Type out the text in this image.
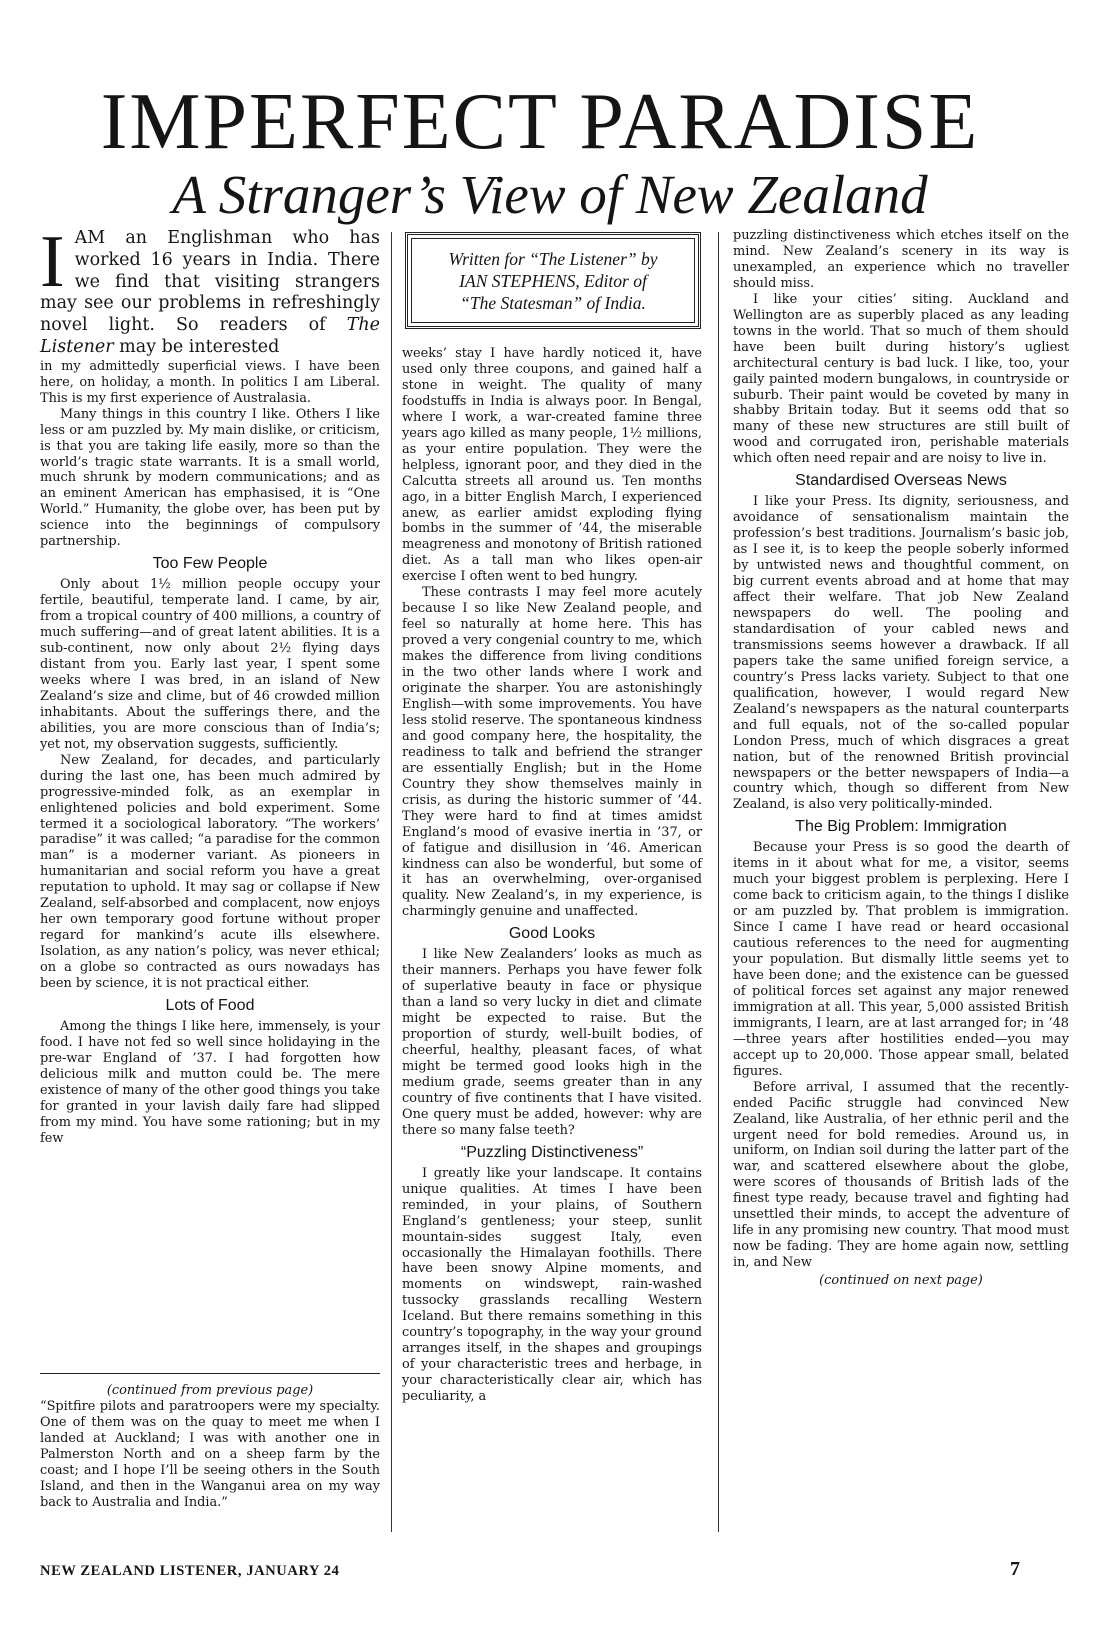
IMPERFECT PARADISE
A Stranger’s View of New Zealand

IAM an Englishman who has worked 16 years in India. There we find that visiting strangers may see our problems in refreshingly novel light. So readers of The Listener may be interested

in my admittedly superficial views. I have been here, on holiday, a month. In politics I am Liberal. This is my first experience of Australasia.

Many things in this country I like. Others I like less or am puzzled by. My main dislike, or criticism, is that you are taking life easily, more so than the world’s tragic state warrants. It is a small world, much shrunk by modern communications; and as an eminent American has emphasised, it is “One World.” Humanity, the globe over, has been put by science into the beginnings of compulsory partnership.

Too Few People

Only about 1½ million people occupy your fertile, beautiful, temperate land. I came, by air, from a tropical country of 400 millions, a country of much suffering—and of great latent abilities. It is a sub-continent, now only about 2½ flying days distant from you. Early last year, I spent some weeks where I was bred, in an island of New Zealand’s size and clime, but of 46 crowded million inhabitants. About the sufferings there, and the abilities, you are more conscious than of India’s; yet not, my observation suggests, sufficiently.

New Zealand, for decades, and particularly during the last one, has been much admired by progressive-minded folk, as an exemplar in enlightened policies and bold experiment. Some termed it a sociological laboratory. “The workers’ paradise” it was called; “a paradise for the common man” is a moderner variant. As pioneers in humanitarian and social reform you have a great reputation to uphold. It may sag or collapse if New Zealand, self-absorbed and complacent, now enjoys her own temporary good fortune without proper regard for mankind’s acute ills elsewhere. Isolation, as any nation’s policy, was never ethical; on a globe so contracted as ours nowadays has been by science, it is not practical either.

Lots of Food

Among the things I like here, immensely, is your food. I have not fed so well since holidaying in the pre-war England of ’37. I had forgotten how delicious milk and mutton could be. The mere existence of many of the other good things you take for granted in your lavish daily fare had slipped from my mind. You have some rationing; but in my few

(continued from previous page)

“Spitfire pilots and paratroopers were my specialty. One of them was on the quay to meet me when I landed at Auckland; I was with another one in Palmerston North and on a sheep farm by the coast; and I hope I’ll be seeing others in the South Island, and then in the Wanganui area on my way back to Australia and India.”

Written for “The Listener” by
IAN STEPHENS, Editor of
“The Statesman” of India.

weeks’ stay I have hardly noticed it, have used only three coupons, and gained half a stone in weight. The quality of many foodstuffs in India is always poor. In Bengal, where I work, a war-created famine three years ago killed as many people, 1½ millions, as your entire population. They were the helpless, ignorant poor, and they died in the Calcutta streets all around us. Ten months ago, in a bitter English March, I experienced anew, as earlier amidst exploding flying bombs in the summer of ’44, the miserable meagreness and monotony of British rationed diet. As a tall man who likes open-air exercise I often went to bed hungry.

These contrasts I may feel more acutely because I so like New Zealand people, and feel so naturally at home here. This has proved a very congenial country to me, which makes the difference from living conditions in the two other lands where I work and originate the sharper. You are astonishingly English—with some improvements. You have less stolid reserve. The spontaneous kindness and good company here, the hospitality, the readiness to talk and befriend the stranger are essentially English; but in the Home Country they show themselves mainly in crisis, as during the historic summer of ’44. They were hard to find at times amidst England’s mood of evasive inertia in ’37, or of fatigue and disillusion in ’46. American kindness can also be wonderful, but some of it has an overwhelming, over-organised quality. New Zealand’s, in my experience, is charmingly genuine and unaffected.

Good Looks

I like New Zealanders’ looks as much as their manners. Perhaps you have fewer folk of superlative beauty in face or physique than a land so very lucky in diet and climate might be expected to raise. But the proportion of sturdy, well-built bodies, of cheerful, healthy, pleasant faces, of what might be termed good looks high in the medium grade, seems greater than in any country of five continents that I have visited. One query must be added, however: why are there so many false teeth?

“Puzzling Distinctiveness”

I greatly like your landscape. It contains unique qualities. At times I have been reminded, in your plains, of Southern England’s gentleness; your steep, sunlit mountain-sides suggest Italy, even occasionally the Himalayan foothills. There have been snowy Alpine moments, and moments on windswept, rain-washed tussocky grasslands recalling Western Iceland. But there remains something in this country’s topography, in the way your ground arranges itself, in the shapes and groupings of your characteristic trees and herbage, in your characteristically clear air, which has peculiarity, a

puzzling distinctiveness which etches itself on the mind. New Zealand’s scenery in its way is unexampled, an experience which no traveller should miss.

I like your cities’ siting. Auckland and Wellington are as superbly placed as any leading towns in the world. That so much of them should have been built during history’s ugliest architectural century is bad luck. I like, too, your gaily painted modern bungalows, in countryside or suburb. Their paint would be coveted by many in shabby Britain today. But it seems odd that so many of these new structures are still built of wood and corrugated iron, perishable materials which often need repair and are noisy to live in.

Standardised Overseas News

I like your Press. Its dignity, seriousness, and avoidance of sensationalism maintain the profession’s best traditions. Journalism’s basic job, as I see it, is to keep the people soberly informed by untwisted news and thoughtful comment, on big current events abroad and at home that may affect their welfare. That job New Zealand newspapers do well. The pooling and standardisation of your cabled news and transmissions seems however a drawback. If all papers take the same unified foreign service, a country’s Press lacks variety. Subject to that one qualification, however, I would regard New Zealand’s newspapers as the natural counterparts and full equals, not of the so-called popular London Press, much of which disgraces a great nation, but of the renowned British provincial newspapers or the better newspapers of India—a country which, though so different from New Zealand, is also very politically-minded.

The Big Problem: Immigration

Because your Press is so good the dearth of items in it about what for me, a visitor, seems much your biggest problem is perplexing. Here I come back to criticism again, to the things I dislike or am puzzled by. That problem is immigration. Since I came I have read or heard occasional cautious references to the need for augmenting your population. But dismally little seems yet to have been done; and the existence can be guessed of political forces set against any major renewed immigration at all. This year, 5,000 assisted British immigrants, I learn, are at last arranged for; in ’48—three years after hostilities ended—you may accept up to 20,000. Those appear small, belated figures.

Before arrival, I assumed that the recently-ended Pacific struggle had convinced New Zealand, like Australia, of her ethnic peril and the urgent need for bold remedies. Around us, in uniform, on Indian soil during the latter part of the war, and scattered elsewhere about the globe, were scores of thousands of British lads of the finest type ready, because travel and fighting had unsettled their minds, to accept the adventure of life in any promising new country. That mood must now be fading. They are home again now, settling in, and New

(continued on next page)
NEW ZEALAND LISTENER, JANUARY 24	7
